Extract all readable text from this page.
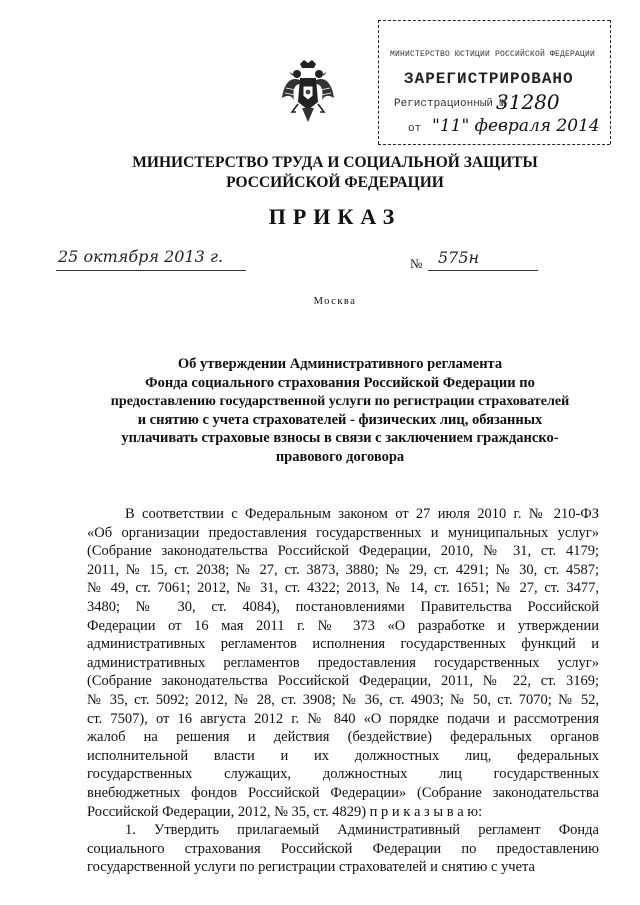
МИНИСТЕРСТВО ЮСТИЦИИ РОССИЙСКОЙ ФЕДЕРАЦИИ
ЗАРЕГИСТРИРОВАНО
Регистрационный №
31280
от "11" февраля 2014
МИНИСТЕРСТВО ТРУДА И СОЦИАЛЬНОЙ ЗАЩИТЫ
РОССИЙСКОЙ ФЕДЕРАЦИИ
ПРИКАЗ
25 октября 2013 г.	№ 575н
Москва
Об утверждении Административного регламента
Фонда социального страхования Российской Федерации по
предоставлению государственной услуги по регистрации страхователей
и снятию с учета страхователей - физических лиц, обязанных
уплачивать страховые взносы в связи с заключением гражданско-
правового договора
В соответствии с Федеральным законом от 27 июля 2010 г. № 210-ФЗ
«Об организации предоставления государственных и муниципальных услуг»
(Собрание законодательства Российской Федерации, 2010, № 31, ст. 4179;
2011, № 15, ст. 2038; № 27, ст. 3873, 3880; № 29, ст. 4291; № 30, ст. 4587;
№ 49, ст. 7061; 2012, № 31, ст. 4322; 2013, № 14, ст. 1651; № 27, ст. 3477,
3480; № 30, ст. 4084), постановлениями Правительства Российской
Федерации от 16 мая 2011 г. № 373 «О разработке и утверждении
административных регламентов исполнения государственных функций и
административных регламентов предоставления государственных услуг»
(Собрание законодательства Российской Федерации, 2011, № 22, ст. 3169;
№ 35, ст. 5092; 2012, № 28, ст. 3908; № 36, ст. 4903; № 50, ст. 7070; № 52,
ст. 7507), от 16 августа 2012 г. № 840 «О порядке подачи и рассмотрения
жалоб на решения и действия (бездействие) федеральных органов
исполнительной власти и их должностных лиц, федеральных
государственных служащих, должностных лиц государственных
внебюджетных фондов Российской Федерации» (Собрание законодательства
Российской Федерации, 2012, № 35, ст. 4829) п р и к а з ы в а ю:
1. Утвердить прилагаемый Административный регламент Фонда
социального страхования Российской Федерации по предоставлению
государственной услуги по регистрации страхователей и снятию с учета
